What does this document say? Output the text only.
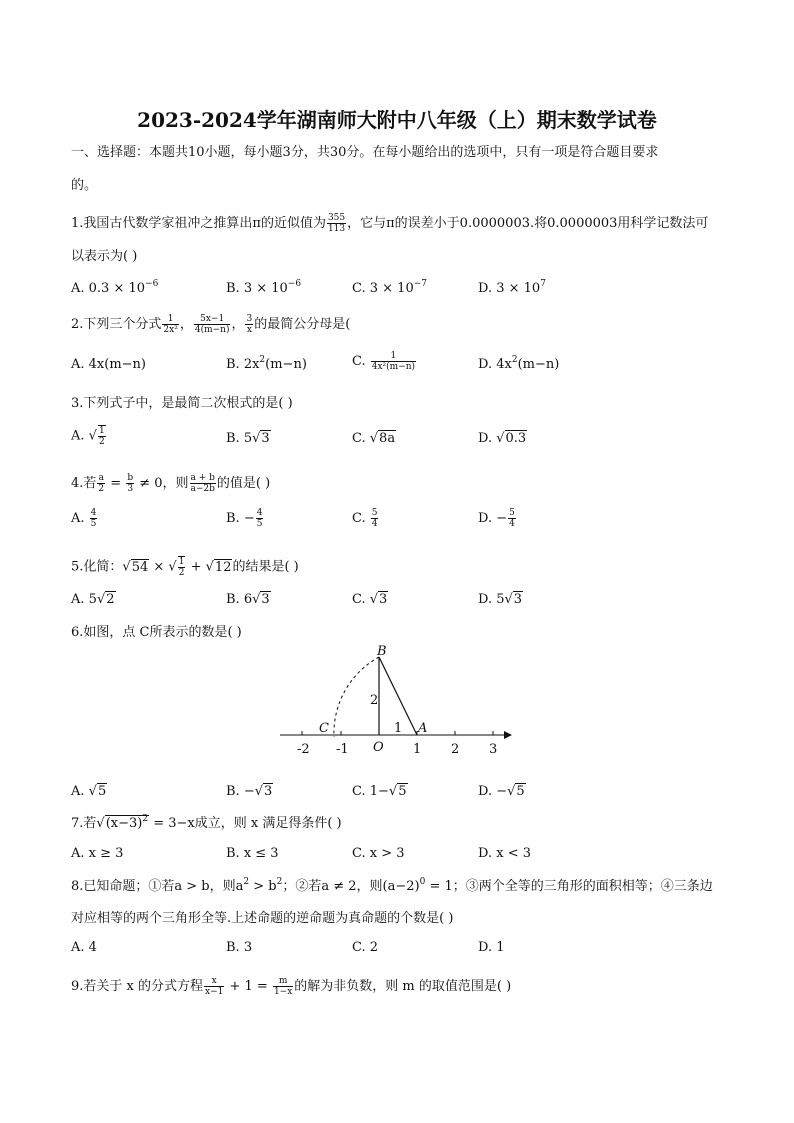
2023-2024学年湖南师大附中八年级（上）期末数学试卷
一、选择题：本题共10小题，每小题3分，共30分。在每小题给出的选项中，只有一项是符合题目要求
的。
1.我国古代数学家祖冲之推算出π的近似值为 $\frac{355}{113}$ ，它与π的误差小于0.0000003.将0.0000003用科学记数法可
以表示为( )
A. $0.3 \times 10^{-6}$	B. $3 \times 10^{-6}$	C. $3 \times 10^{-7}$	D. $3 \times 10^7$
2.下列三个分式 $\frac{1}{\text{2x²}}$ ， $\frac{5x-1}{4(m-n)}$ ， $\frac{3}{x}$ 的最简公分母是(
A. 4x(m−n)	B. $2x^2(m-n)$	C. $\frac{1}{\text{4x²(m−n)}}$	D. $4x^2(m-n)$
3.下列式子中，是最简二次根式的是( )
A. √ $\frac{1}{2}$	B. 5√3	C. √8a	D. √0.3
4.若 $\frac{a}{2} = \frac{b}{3} \ne 0$，则 $\frac{a + b}{a-2b}$ 的值是( )
A. $\frac{4}{5}$	B. − $\frac{4}{5}$	C. $\frac{5}{4}$	D. − $\frac{5}{4}$
5.化简：√54 × √ $\frac{1}{2} + √12$的结果是( )
A. 5√2	B. 6√3	C. √3	D. 5√3
6.如图，点 C所表示的数是( )
-2 -1	1 2 3
O
B
C	A
2
1
A. √5	B. −√3	C. 1−√5	D. −√5
7.若$√(x-3)^2 = 3-x$成立，则 x 满足得条件( )
A. x ≥ 3	B. x ≤ 3	C. x > 3	D. x < 3
8.已知命题；①若a > b，则$a^2 > b^2$；②若a ≠ 2，则$(a-2)^0 = 1$；③两个全等的三角形的面积相等；④三条边
对应相等的两个三角形全等.上述命题的逆命题为真命题的个数是( )
A. 4	B. 3	C. 2	D. 1
9.若关于 x 的分式方程 $\frac{x}{x-1} + 1 = \frac{m}{1-x}$ 的解为非负数，则 m 的取值范围是( )
